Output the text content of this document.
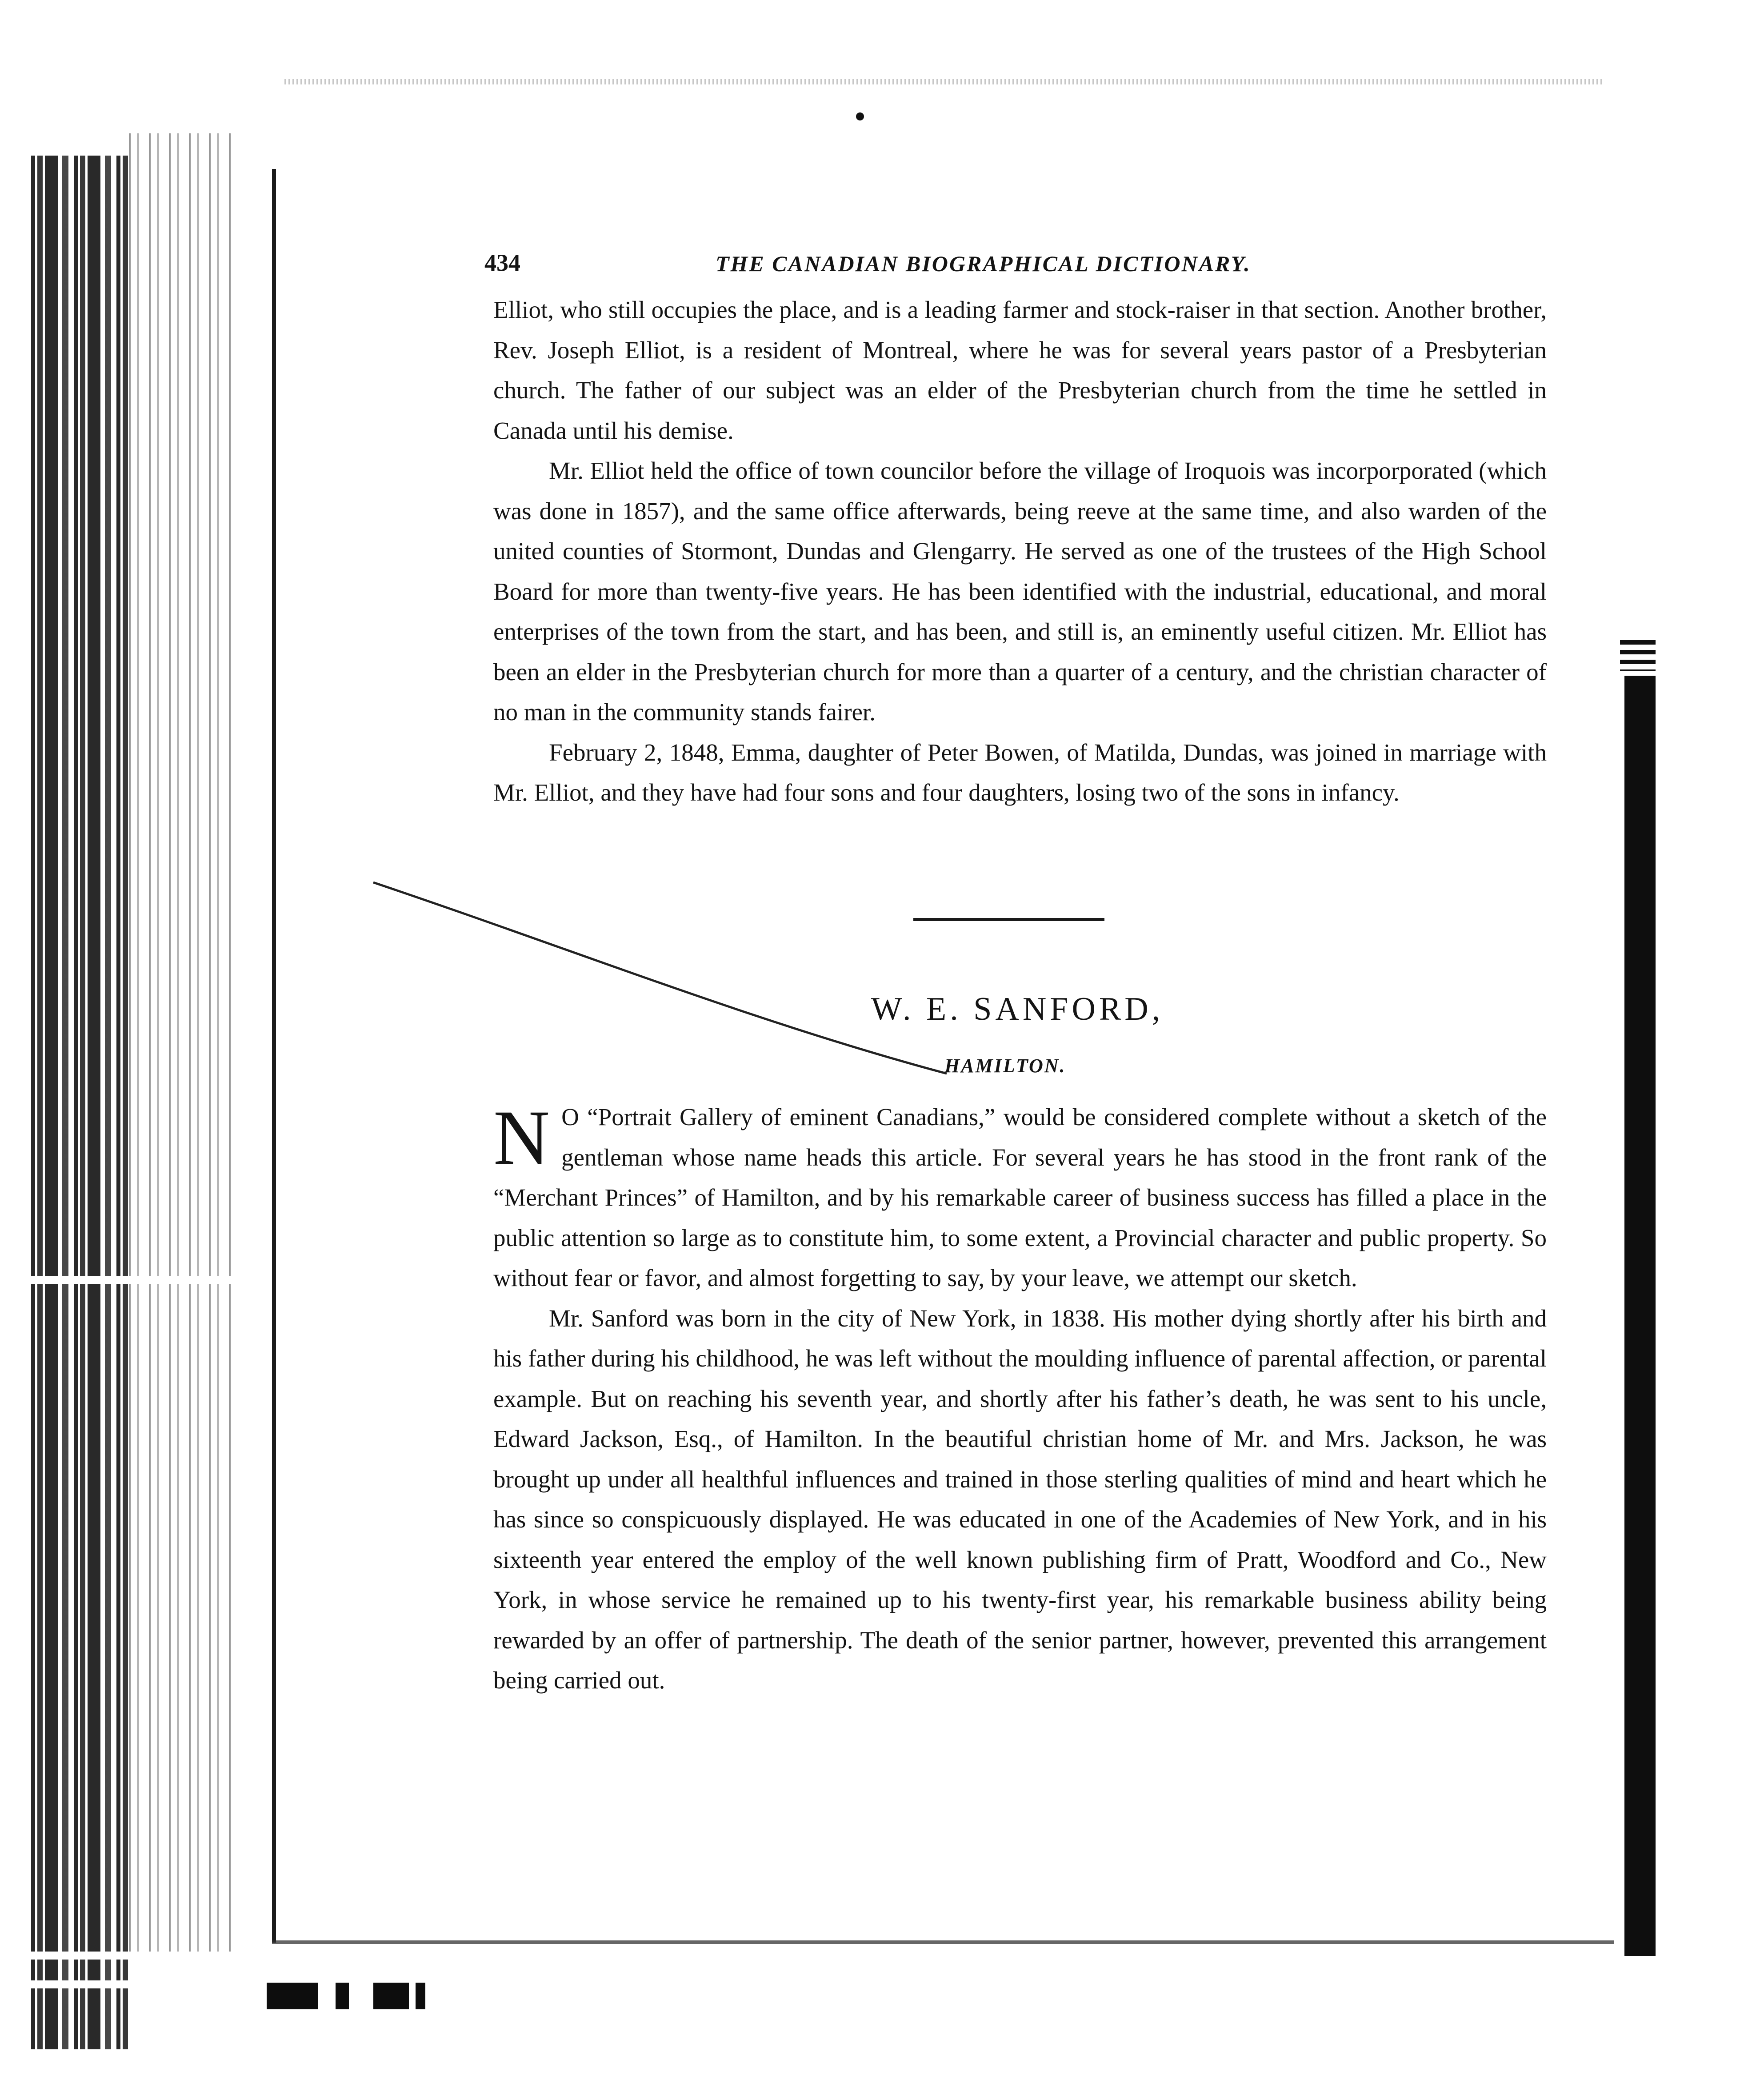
434	THE CANADIAN BIOGRAPHICAL DICTIONARY.

Elliot, who still occupies the place, and is a leading farmer and stock-raiser in that section. Another brother, Rev. Joseph Elliot, is a resident of Montreal, where he was for several years pastor of a Presbyterian church. The father of our subject was an elder of the Presbyterian church from the time he settled in Canada until his demise.

Mr. Elliot held the office of town councilor before the village of Iroquois was incorporporated (which was done in 1857), and the same office afterwards, being reeve at the same time, and also warden of the united counties of Stormont, Dundas and Glengarry. He served as one of the trustees of the High School Board for more than twenty-five years. He has been identified with the industrial, educational, and moral enterprises of the town from the start, and has been, and still is, an eminently useful citizen. Mr. Elliot has been an elder in the Presbyterian church for more than a quarter of a century, and the christian character of no man in the community stands fairer.

February 2, 1848, Emma, daughter of Peter Bowen, of Matilda, Dundas, was joined in marriage with Mr. Elliot, and they have had four sons and four daughters, losing two of the sons in infancy.

W. E. SANFORD,
HAMILTON.

N O “Portrait Gallery of eminent Canadians,” would be considered complete without a sketch of the gentleman whose name heads this article. For several years he has stood in the front rank of the “Merchant Princes” of Hamilton, and by his remarkable career of business success has filled a place in the public attention so large as to constitute him, to some extent, a Provincial character and public property. So without fear or favor, and almost forgetting to say, by your leave, we attempt our sketch.

Mr. Sanford was born in the city of New York, in 1838. His mother dying shortly after his birth and his father during his childhood, he was left without the moulding influence of parental affection, or parental example. But on reaching his seventh year, and shortly after his father’s death, he was sent to his uncle, Edward Jackson, Esq., of Hamilton. In the beautiful christian home of Mr. and Mrs. Jackson, he was brought up under all healthful influences and trained in those sterling qualities of mind and heart which he has since so conspicuously displayed. He was educated in one of the Academies of New York, and in his sixteenth year entered the employ of the well known publishing firm of Pratt, Woodford and Co., New York, in whose service he remained up to his twenty-first year, his remarkable business ability being rewarded by an offer of partnership. The death of the senior partner, however, prevented this arrangement being carried out.
